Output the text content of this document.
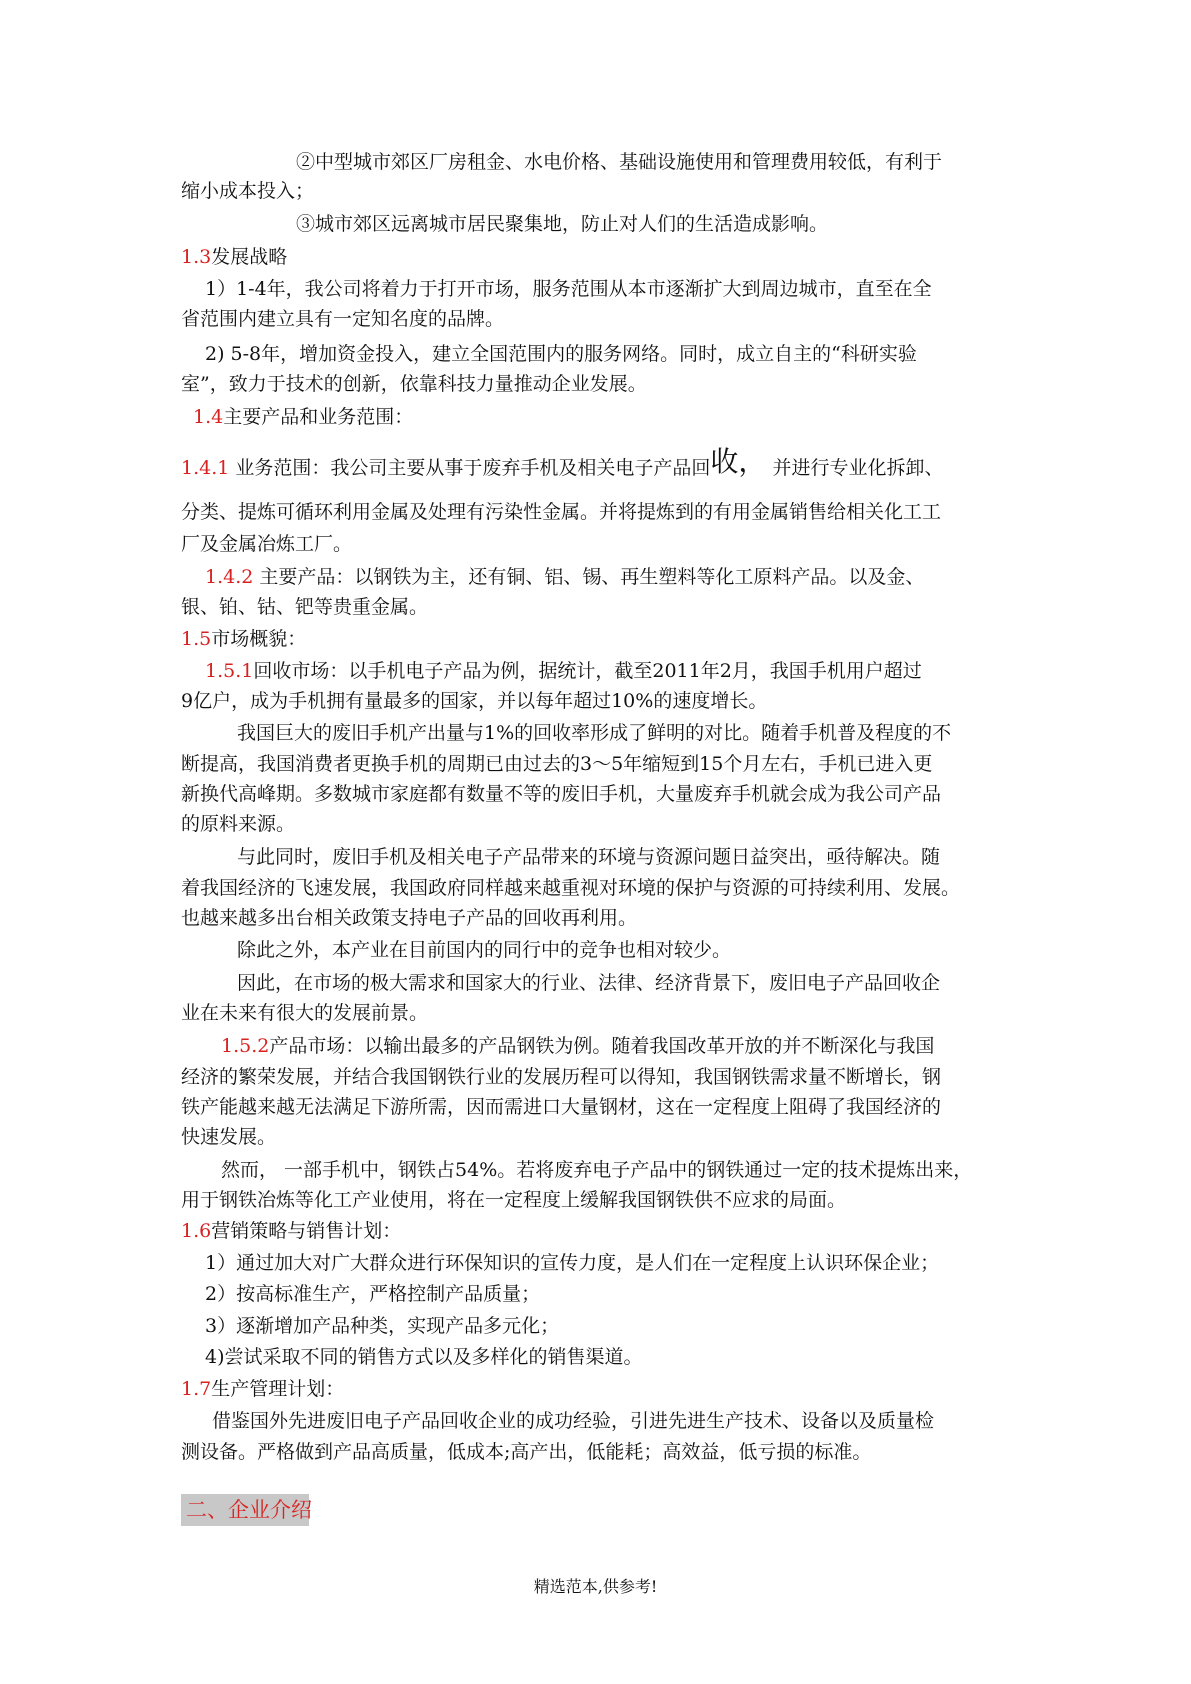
②中型城市郊区厂房租金、水电价格、基础设施使用和管理费用较低，有利于
缩小成本投入；
③城市郊区远离城市居民聚集地，防止对人们的生活造成影响。
1.3发展战略
1）1-4年，我公司将着力于打开市场，服务范围从本市逐渐扩大到周边城市，直至在全
省范围内建立具有一定知名度的品牌。
2) 5-8年，增加资金投入，建立全国范围内的服务网络。同时，成立自主的“科研实验
室”，致力于技术的创新，依靠科技力量推动企业发展。
1.4主要产品和业务范围：
1.4.1 业务范围：我公司主要从事于废弃手机及相关电子产品回收， 并进行专业化拆卸、
分类、提炼可循环利用金属及处理有污染性金属。并将提炼到的有用金属销售给相关化工工
厂及金属冶炼工厂。
1.4.2 主要产品：以钢铁为主，还有铜、铝、锡、再生塑料等化工原料产品。以及金、
银、铂、钴、钯等贵重金属。
1.5市场概貌：
1.5.1回收市场：以手机电子产品为例，据统计，截至2011年2月，我国手机用户超过
9亿户，成为手机拥有量最多的国家，并以每年超过10%的速度增长。
我国巨大的废旧手机产出量与1%的回收率形成了鲜明的对比。随着手机普及程度的不
断提高，我国消费者更换手机的周期已由过去的3～5年缩短到15个月左右，手机已进入更
新换代高峰期。多数城市家庭都有数量不等的废旧手机，大量废弃手机就会成为我公司产品
的原料来源。
与此同时，废旧手机及相关电子产品带来的环境与资源问题日益突出，亟待解决。随
着我国经济的飞速发展，我国政府同样越来越重视对环境的保护与资源的可持续利用、发展。
也越来越多出台相关政策支持电子产品的回收再利用。
除此之外，本产业在目前国内的同行中的竞争也相对较少。
因此，在市场的极大需求和国家大的行业、法律、经济背景下，废旧电子产品回收企
业在未来有很大的发展前景。
1.5.2产品市场：以输出最多的产品钢铁为例。随着我国改革开放的并不断深化与我国
经济的繁荣发展，并结合我国钢铁行业的发展历程可以得知，我国钢铁需求量不断增长，钢
铁产能越来越无法满足下游所需，因而需进口大量钢材，这在一定程度上阻碍了我国经济的
快速发展。
然而， 一部手机中，钢铁占54%。若将废弃电子产品中的钢铁通过一定的技术提炼出来，
用于钢铁冶炼等化工产业使用，将在一定程度上缓解我国钢铁供不应求的局面。
1.6营销策略与销售计划：
1）通过加大对广大群众进行环保知识的宣传力度，是人们在一定程度上认识环保企业；
2）按高标准生产，严格控制产品质量；
3）逐渐增加产品种类，实现产品多元化；
4)尝试采取不同的销售方式以及多样化的销售渠道。
1.7生产管理计划：
借鉴国外先进废旧电子产品回收企业的成功经验，引进先进生产技术、设备以及质量检
测设备。严格做到产品高质量，低成本;高产出，低能耗；高效益，低亏损的标准。
二、企业介绍
精选范本,供参考!
